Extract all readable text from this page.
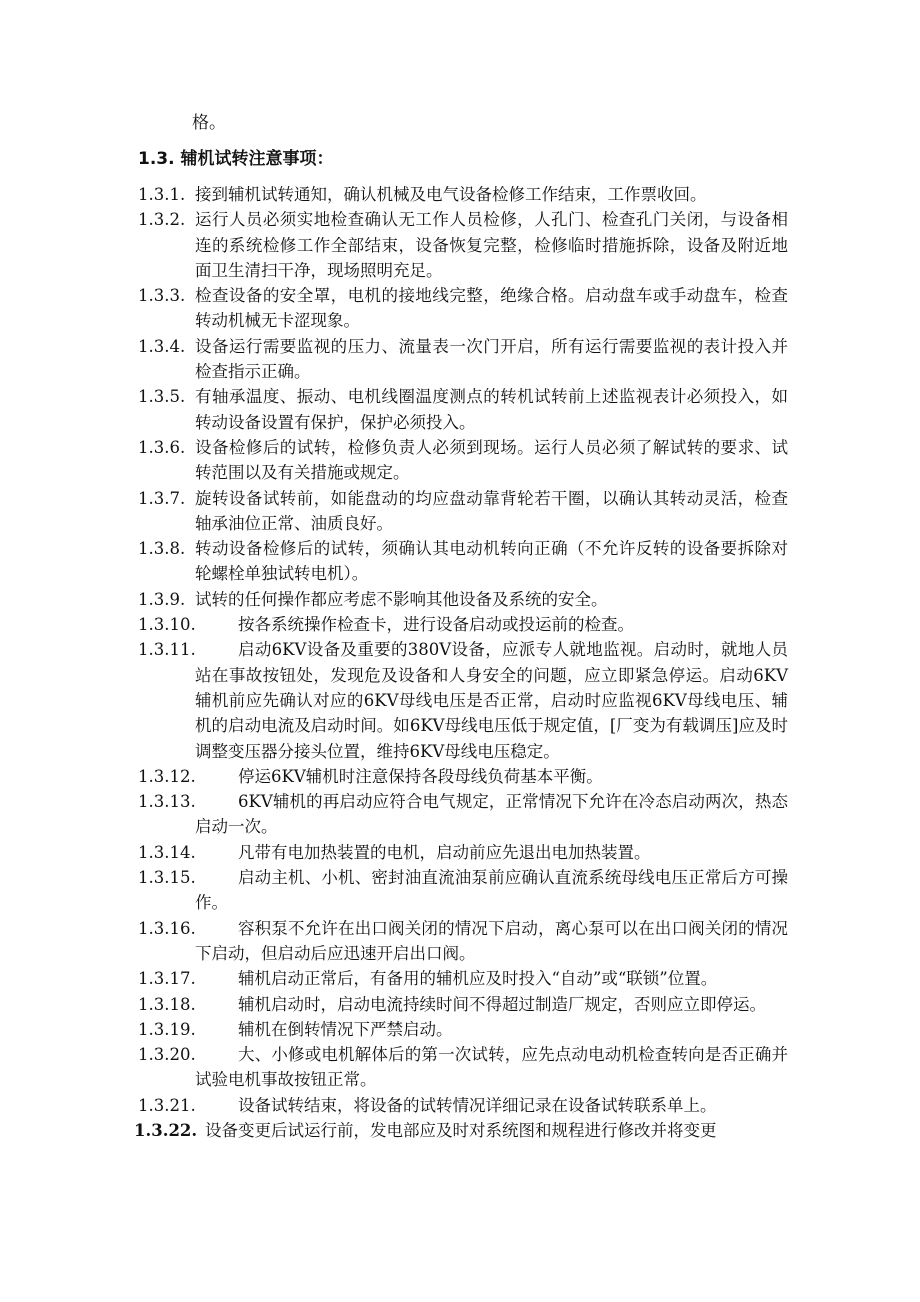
格。
1.3. 辅机试转注意事项：
1.3.1. 接到辅机试转通知，确认机械及电气设备检修工作结束，工作票收回。
1.3.2. 运行人员必须实地检查确认无工作人员检修，人孔门、检查孔门关闭，与设备相连的系统检修工作全部结束，设备恢复完整，检修临时措施拆除，设备及附近地面卫生清扫干净，现场照明充足。
1.3.3. 检查设备的安全罩，电机的接地线完整，绝缘合格。启动盘车或手动盘车，检查转动机械无卡涩现象。
1.3.4. 设备运行需要监视的压力、流量表一次门开启，所有运行需要监视的表计投入并检查指示正确。
1.3.5. 有轴承温度、振动、电机线圈温度测点的转机试转前上述监视表计必须投入，如转动设备设置有保护，保护必须投入。
1.3.6. 设备检修后的试转，检修负责人必须到现场。运行人员必须了解试转的要求、试转范围以及有关措施或规定。
1.3.7. 旋转设备试转前，如能盘动的均应盘动靠背轮若干圈，以确认其转动灵活，检查轴承油位正常、油质良好。
1.3.8. 转动设备检修后的试转，须确认其电动机转向正确（不允许反转的设备要拆除对轮螺栓单独试转电机）。
1.3.9. 试转的任何操作都应考虑不影响其他设备及系统的安全。
1.3.10.	按各系统操作检查卡，进行设备启动或投运前的检查。
1.3.11.	启动6KV设备及重要的380V设备，应派专人就地监视。启动时，就地人员站在事故按钮处，发现危及设备和人身安全的问题，应立即紧急停运。启动6KV辅机前应先确认对应的6KV母线电压是否正常，启动时应监视6KV母线电压、辅机的启动电流及启动时间。如6KV母线电压低于规定值，[厂变为有载调压]应及时调整变压器分接头位置，维持6KV母线电压稳定。
1.3.12.	停运6KV辅机时注意保持各段母线负荷基本平衡。
1.3.13.	6KV辅机的再启动应符合电气规定，正常情况下允许在冷态启动两次，热态启动一次。
1.3.14.	凡带有电加热装置的电机，启动前应先退出电加热装置。
1.3.15.	启动主机、小机、密封油直流油泵前应确认直流系统母线电压正常后方可操作。
1.3.16.	容积泵不允许在出口阀关闭的情况下启动，离心泵可以在出口阀关闭的情况下启动，但启动后应迅速开启出口阀。
1.3.17.	辅机启动正常后，有备用的辅机应及时投入“自动”或“联锁”位置。
1.3.18.	辅机启动时，启动电流持续时间不得超过制造厂规定，否则应立即停运。
1.3.19.	辅机在倒转情况下严禁启动。
1.3.20.	大、小修或电机解体后的第一次试转，应先点动电动机检查转向是否正确并试验电机事故按钮正常。
1.3.21.	设备试转结束，将设备的试转情况详细记录在设备试转联系单上。
1.3.22. 设备变更后试运行前，发电部应及时对系统图和规程进行修改并将变更
